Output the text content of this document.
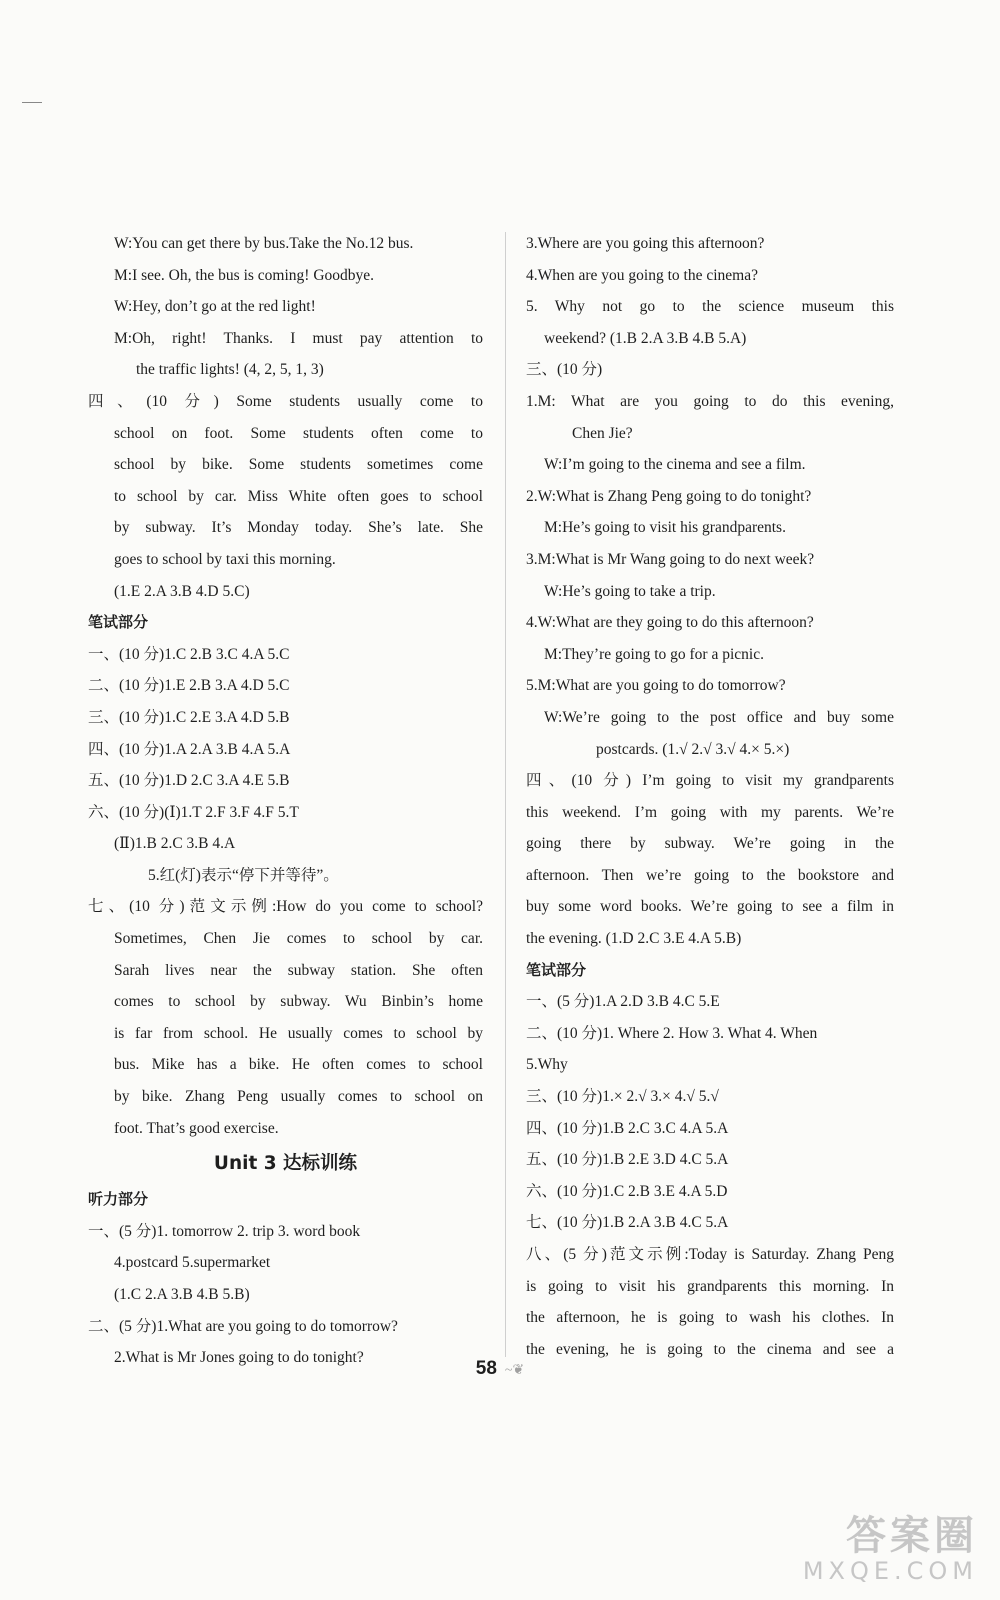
W:You can get there by bus.Take the No.12 bus.
M:I see. Oh, the bus is coming! Goodbye.
W:Hey, don’t go at the red light!
M:Oh, right! Thanks. I must pay attention to
the traffic lights! (4, 2, 5, 1, 3)
四、(10 分) Some students usually come to
school on foot. Some students often come to
school by bike. Some students sometimes come
to school by car. Miss White often goes to school
by subway. It’s Monday today. She’s late. She
goes to school by taxi this morning.
(1.E 2.A 3.B 4.D 5.C)
笔试部分
一、(10 分)1.C 2.B 3.C 4.A 5.C
二、(10 分)1.E 2.B 3.A 4.D 5.C
三、(10 分)1.C 2.E 3.A 4.D 5.B
四、(10 分)1.A 2.A 3.B 4.A 5.A
五、(10 分)1.D 2.C 3.A 4.E 5.B
六、(10 分)(Ⅰ)1.T 2.F 3.F 4.F 5.T
(Ⅱ)1.B 2.C 3.B 4.A
5.红(灯)表示“停下并等待”。
七、(10 分)范文示例:How do you come to school?
Sometimes, Chen Jie comes to school by car.
Sarah lives near the subway station. She often
comes to school by subway. Wu Binbin’s home
is far from school. He usually comes to school by
bus. Mike has a bike. He often comes to school
by bike. Zhang Peng usually comes to school on
foot. That’s good exercise.
Unit 3 达标训练
听力部分
一、(5 分)1. tomorrow 2. trip 3. word book
4.postcard 5.supermarket
(1.C 2.A 3.B 4.B 5.B)
二、(5 分)1.What are you going to do tomorrow?
2.What is Mr Jones going to do tonight?
3.Where are you going this afternoon?
4.When are you going to the cinema?
5. Why not go to the science museum this
weekend? (1.B 2.A 3.B 4.B 5.A)
三、(10 分)
1.M: What are you going to do this evening,
Chen Jie?
W:I’m going to the cinema and see a film.
2.W:What is Zhang Peng going to do tonight?
M:He’s going to visit his grandparents.
3.M:What is Mr Wang going to do next week?
W:He’s going to take a trip.
4.W:What are they going to do this afternoon?
M:They’re going to go for a picnic.
5.M:What are you going to do tomorrow?
W:We’re going to the post office and buy some
postcards. (1.√ 2.√ 3.√ 4.× 5.×)
四、(10 分) I’m going to visit my grandparents
this weekend. I’m going with my parents. We’re
going there by subway. We’re going in the
afternoon. Then we’re going to the bookstore and
buy some word books. We’re going to see a film in
the evening. (1.D 2.C 3.E 4.A 5.B)
笔试部分
一、(5 分)1.A 2.D 3.B 4.C 5.E
二、(10 分)1. Where 2. How 3. What 4. When
5.Why
三、(10 分)1.× 2.√ 3.× 4.√ 5.√
四、(10 分)1.B 2.C 3.C 4.A 5.A
五、(10 分)1.B 2.E 3.D 4.C 5.A
六、(10 分)1.C 2.B 3.E 4.A 5.D
七、(10 分)1.B 2.A 3.B 4.C 5.A
八、(5 分)范文示例:Today is Saturday. Zhang Peng
is going to visit his grandparents this morning. In
the afternoon, he is going to wash his clothes. In
the evening, he is going to the cinema and see a
58 ~❦
答案圈
MXQE.COM
